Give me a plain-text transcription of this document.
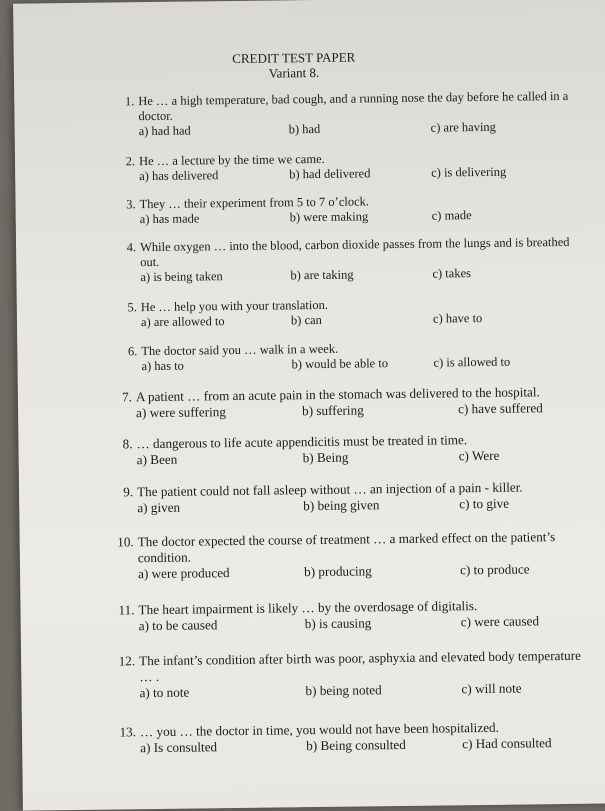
CREDIT TEST PAPER
Variant 8.
1. He … a high temperature, bad cough, and a running nose the day before he called in a doctor.
a) had had	b) had	c) are having
2. He … a lecture by the time we came.
a) has delivered	b) had delivered	c) is delivering
3. They … their experiment from 5 to 7 o’clock.
a) has made	b) were making	c) made
4. While oxygen … into the blood, carbon dioxide passes from the lungs and is breathed out.
a) is being taken	b) are taking	c) takes
5. He … help you with your translation.
a) are allowed to	b) can	c) have to
6. The doctor said you … walk in a week.
a) has to	b) would be able to	c) is allowed to
7. A patient … from an acute pain in the stomach was delivered to the hospital.
a) were suffering	b) suffering	c) have suffered
8. … dangerous to life acute appendicitis must be treated in time.
a) Been	b) Being	c) Were
9. The patient could not fall asleep without … an injection of a pain - killer.
a) given	b) being given	c) to give
10. The doctor expected the course of treatment … a marked effect on the patient’s condition.
a) were produced	b) producing	c) to produce
11. The heart impairment is likely … by the overdosage of digitalis.
a) to be caused	b) is causing	c) were caused
12. The infant’s condition after birth was poor, asphyxia and elevated body temperature … .
a) to note	b) being noted	c) will note
13. … you … the doctor in time, you would not have been hospitalized.
a) Is consulted	b) Being consulted	c) Had consulted
